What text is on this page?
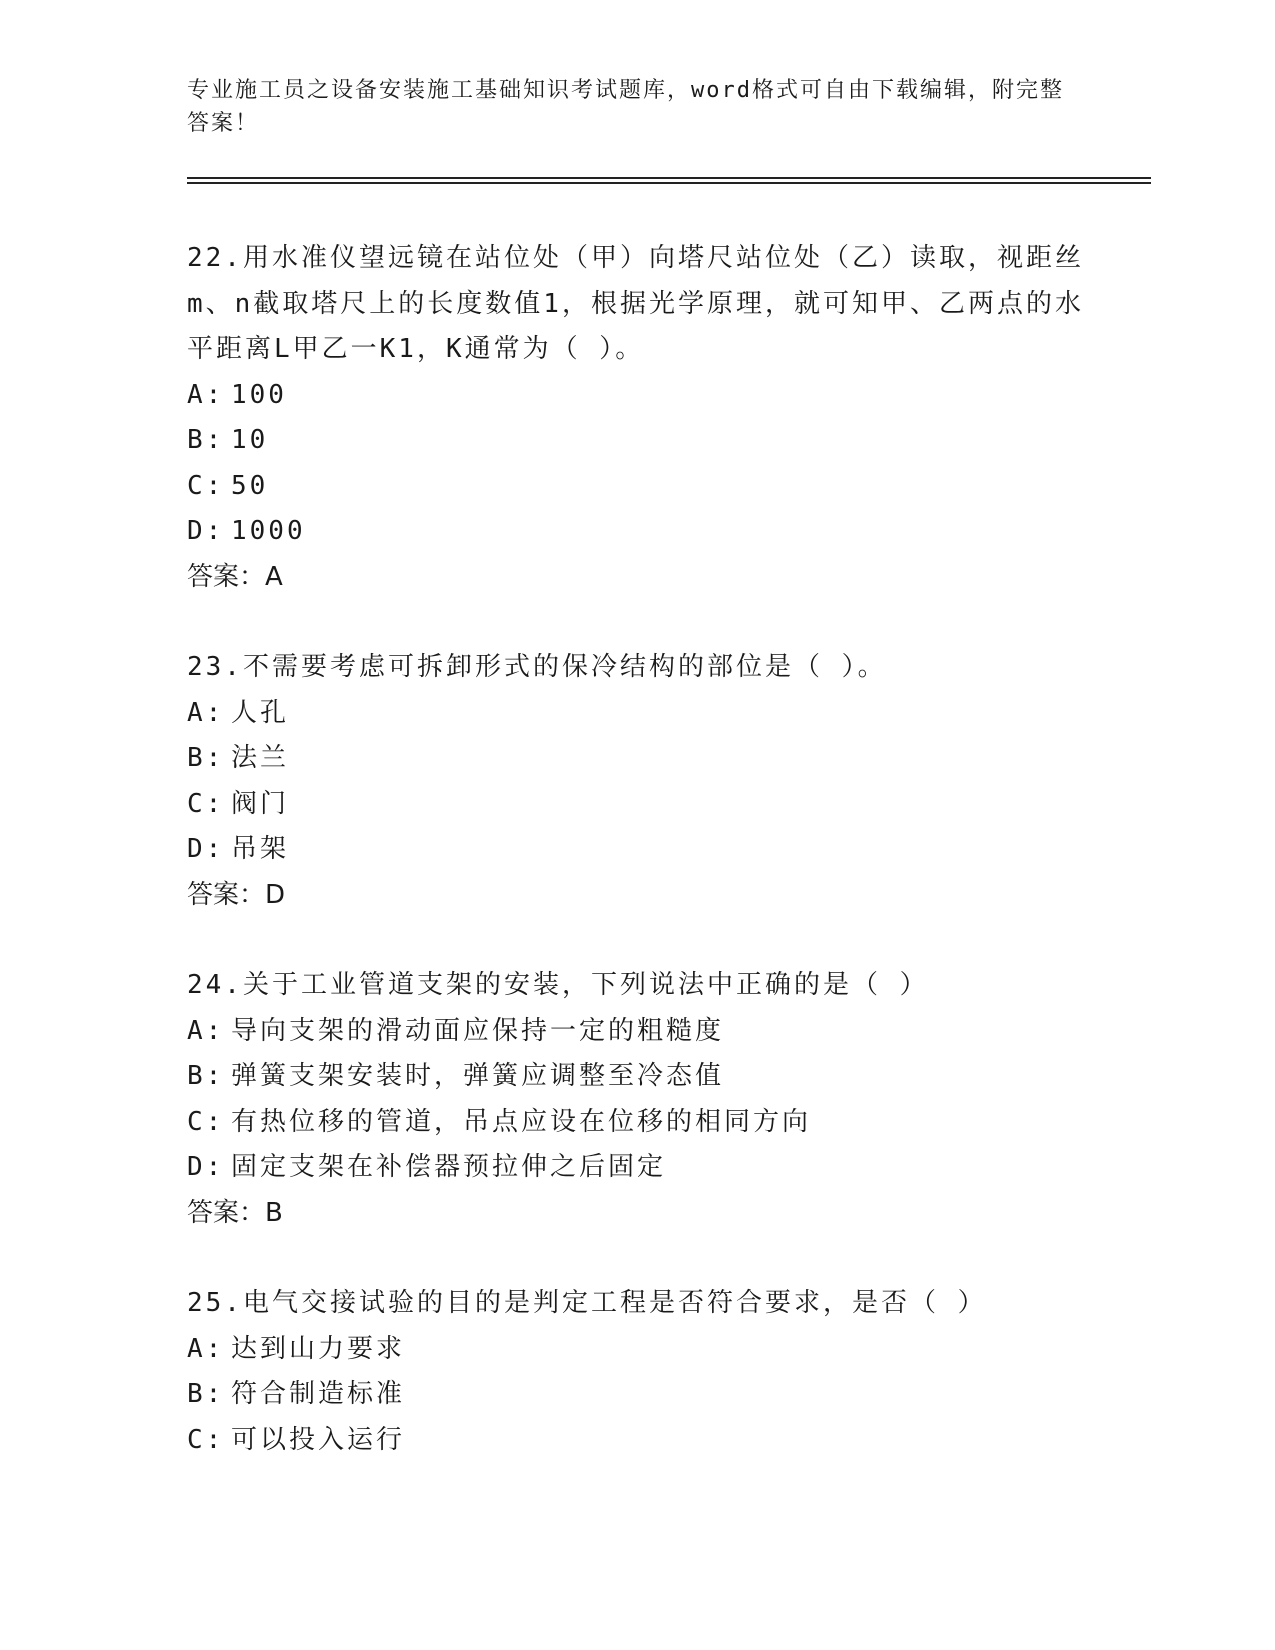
专业施工员之设备安装施工基础知识考试题库，word格式可自由下载编辑，附完整答案！
22.用水准仪望远镜在站位处（甲）向塔尺站位处（乙）读取，视距丝m、n截取塔尺上的长度数值1，根据光学原理，就可知甲、乙两点的水平距离L甲乙一K1，K通常为（ ）。
A: 100
B: 10
C: 50
D: 1000
答案：A
23.不需要考虑可拆卸形式的保冷结构的部位是（ ）。
A: 人孔
B: 法兰
C: 阀门
D: 吊架
答案：D
24.关于工业管道支架的安装，下列说法中正确的是（ ）
A: 导向支架的滑动面应保持一定的粗糙度
B: 弹簧支架安装时，弹簧应调整至冷态值
C: 有热位移的管道，吊点应设在位移的相同方向
D: 固定支架在补偿器预拉伸之后固定
答案：B
25.电气交接试验的目的是判定工程是否符合要求，是否（ ）
A: 达到山力要求
B: 符合制造标准
C: 可以投入运行
